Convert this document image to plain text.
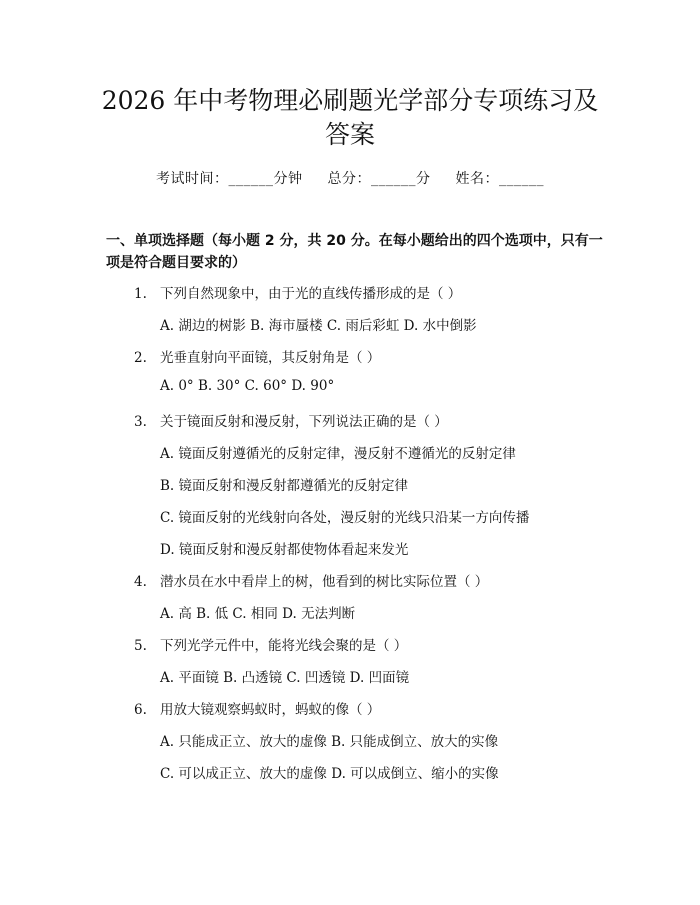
2026 年中考物理必刷题光学部分专项练习及
答案
考试时间：______分钟 总分：______分 姓名：______
一、单项选择题（每小题 2 分，共 20 分。在每小题给出的四个选项中，只有一项是符合题目要求的）
1. 下列自然现象中，由于光的直线传播形成的是（ ）
A. 湖边的树影 B. 海市蜃楼 C. 雨后彩虹 D. 水中倒影
2. 光垂直射向平面镜，其反射角是（ ）
A. 0° B. 30° C. 60° D. 90°
3. 关于镜面反射和漫反射，下列说法正确的是（ ）
A. 镜面反射遵循光的反射定律，漫反射不遵循光的反射定律
B. 镜面反射和漫反射都遵循光的反射定律
C. 镜面反射的光线射向各处，漫反射的光线只沿某一方向传播
D. 镜面反射和漫反射都使物体看起来发光
4. 潜水员在水中看岸上的树，他看到的树比实际位置（ ）
A. 高 B. 低 C. 相同 D. 无法判断
5. 下列光学元件中，能将光线会聚的是（ ）
A. 平面镜 B. 凸透镜 C. 凹透镜 D. 凹面镜
6. 用放大镜观察蚂蚁时，蚂蚁的像（ ）
A. 只能成正立、放大的虚像 B. 只能成倒立、放大的实像
C. 可以成正立、放大的虚像 D. 可以成倒立、缩小的实像
